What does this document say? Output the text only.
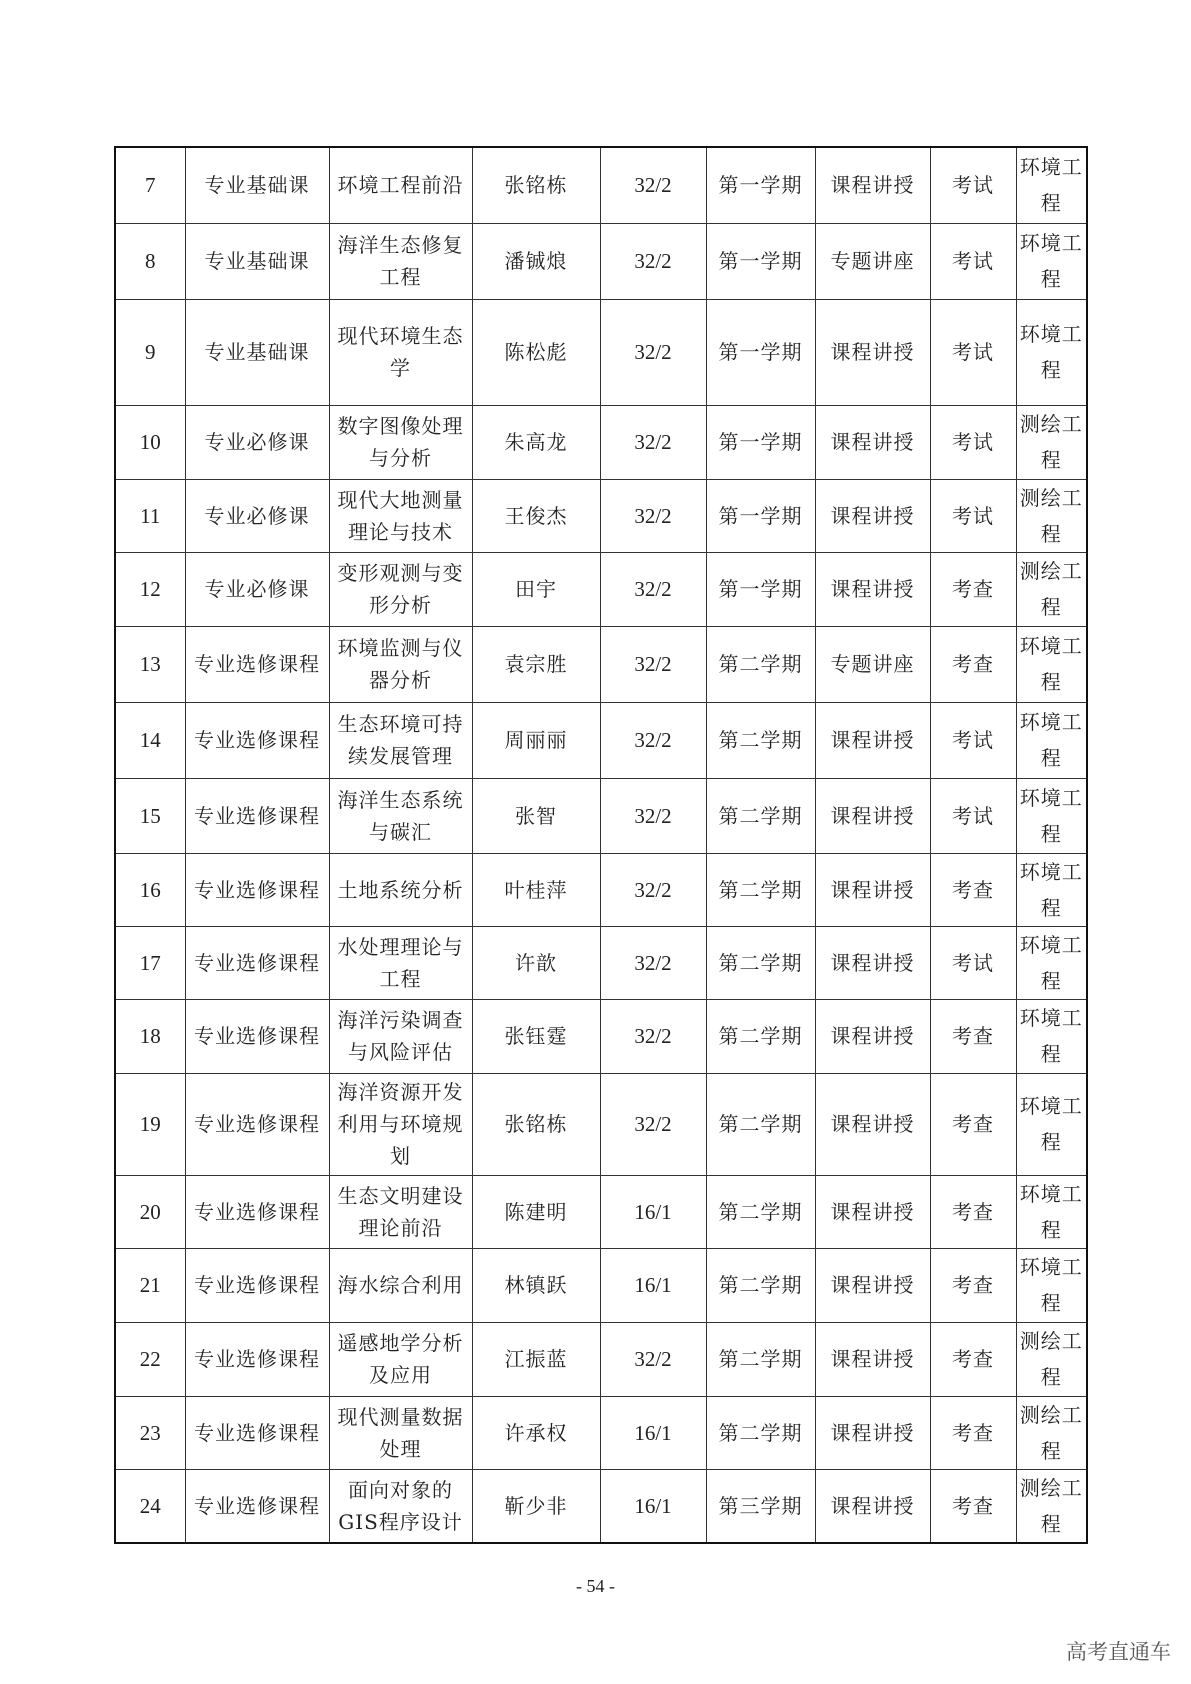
7	专业基础课	环境工程前沿	张铭栋	32/2	第一学期	课程讲授	考试	环境工程
8	专业基础课	海洋生态修复工程	潘铖烺	32/2	第一学期	专题讲座	考试	环境工程
9	专业基础课	现代环境生态学	陈松彪	32/2	第一学期	课程讲授	考试	环境工程
10	专业必修课	数字图像处理与分析	朱高龙	32/2	第一学期	课程讲授	考试	测绘工程
11	专业必修课	现代大地测量理论与技术	王俊杰	32/2	第一学期	课程讲授	考试	测绘工程
12	专业必修课	变形观测与变形分析	田宇	32/2	第一学期	课程讲授	考查	测绘工程
13	专业选修课程	环境监测与仪器分析	袁宗胜	32/2	第二学期	专题讲座	考查	环境工程
14	专业选修课程	生态环境可持续发展管理	周丽丽	32/2	第二学期	课程讲授	考试	环境工程
15	专业选修课程	海洋生态系统与碳汇	张智	32/2	第二学期	课程讲授	考试	环境工程
16	专业选修课程	土地系统分析	叶桂萍	32/2	第二学期	课程讲授	考查	环境工程
17	专业选修课程	水处理理论与工程	许歆	32/2	第二学期	课程讲授	考试	环境工程
18	专业选修课程	海洋污染调查与风险评估	张钰霆	32/2	第二学期	课程讲授	考查	环境工程
19	专业选修课程	海洋资源开发利用与环境规划	张铭栋	32/2	第二学期	课程讲授	考查	环境工程
20	专业选修课程	生态文明建设理论前沿	陈建明	16/1	第二学期	课程讲授	考查	环境工程
21	专业选修课程	海水综合利用	林镇跃	16/1	第二学期	课程讲授	考查	环境工程
22	专业选修课程	遥感地学分析及应用	江振蓝	32/2	第二学期	课程讲授	考查	测绘工程
23	专业选修课程	现代测量数据处理	许承权	16/1	第二学期	课程讲授	考查	测绘工程
24	专业选修课程	面向对象的GIS程序设计	靳少非	16/1	第三学期	课程讲授	考查	测绘工程
- 54 -
高考直通车
